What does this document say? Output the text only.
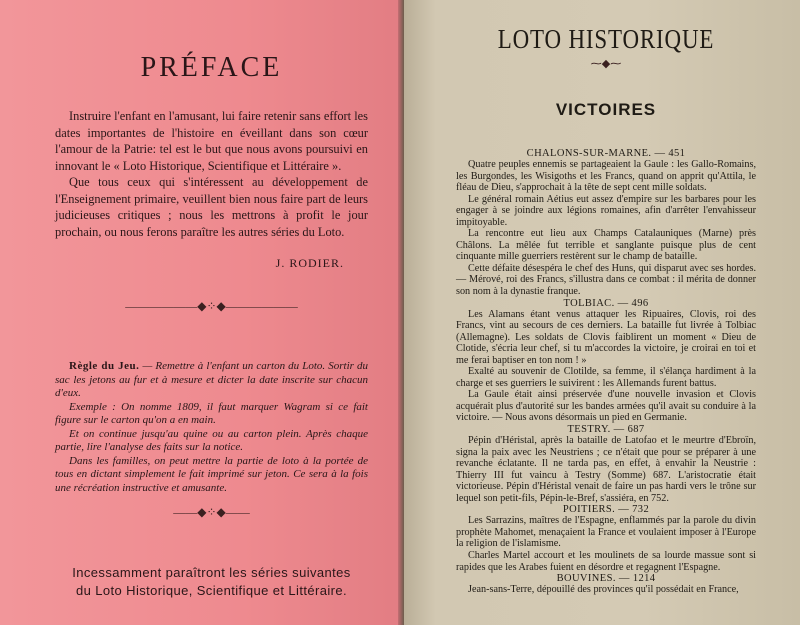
PRÉFACE

Instruire l'enfant en l'amusant, lui faire retenir sans effort les dates importantes de l'histoire en éveillant dans son cœur l'amour de la Patrie: tel est le but que nous avons poursuivi en innovant le « Loto Historique, Scientifique et Littéraire ».

Que tous ceux qui s'intéressent au développement de l'Enseignement primaire, veuillent bien nous faire part de leurs judicieuses critiques ; nous les mettrons à profit le jour prochain, ou nous ferons paraître les autres séries du Loto.

J. RODIER.
——————◆⁘◆——————

Règle du Jeu. — Remettre à l'enfant un carton du Loto. Sortir du sac les jetons au fur et à mesure et dicter la date inscrite sur chacun d'eux.

Exemple : On nomme 1809, il faut marquer Wagram si ce fait figure sur le carton qu'on a en main.

Et on continue jusqu'au quine ou au carton plein. Après chaque partie, lire l'analyse des faits sur la notice.

Dans les familles, on peut mettre la partie de loto à la portée de tous en dictant simplement le fait imprimé sur jeton. Ce sera à la fois une récréation instructive et amusante.

——◆⁘◆——
Incessamment paraîtront les séries suivantes
du Loto Historique, Scientifique et Littéraire.
LOTO HISTORIQUE
⁓◆⁓
VICTOIRES
CHALONS-SUR-MARNE. — 451

Quatre peuples ennemis se partageaient la Gaule : les Gallo-Romains, les Burgondes, les Wisigoths et les Francs, quand on apprit qu'Attila, le fléau de Dieu, s'approchait à la tête de sept cent mille soldats.

Le général romain Aétius eut assez d'empire sur les barbares pour les engager à se joindre aux légions romaines, afin d'arrêter l'envahisseur impitoyable.

La rencontre eut lieu aux Champs Catalauniques (Marne) près Châlons. La mêlée fut terrible et sanglante puisque plus de cent cinquante mille guerriers restèrent sur le champ de bataille.

Cette défaite désespéra le chef des Huns, qui disparut avec ses hordes. — Mérové, roi des Francs, s'illustra dans ce combat : il mérita de donner son nom à la dynastie franque.

TOLBIAC. — 496

Les Alamans étant venus attaquer les Ripuaires, Clovis, roi des Francs, vint au secours de ces derniers. La bataille fut livrée à Tolbiac (Allemagne). Les soldats de Clovis faiblirent un moment « Dieu de Clotide, s'écria leur chef, si tu m'accordes la victoire, je croirai en toi et me ferai baptiser en ton nom ! »

Exalté au souvenir de Clotilde, sa femme, il s'élança hardiment à la charge et ses guerriers le suivirent : les Allemands furent battus.

La Gaule était ainsi préservée d'une nouvelle invasion et Clovis acquérait plus d'autorité sur les bandes armées qu'il avait su conduire à la victoire. — Nous avons désormais un pied en Germanie.

TESTRY. — 687

Pépin d'Héristal, après la bataille de Latofao et le meurtre d'Ebroïn, signa la paix avec les Neustriens ; ce n'était que pour se préparer à une revanche éclatante. Il ne tarda pas, en effet, à envahir la Neustrie : Thierry III fut vaincu à Testry (Somme) 687. L'aristocratie était victorieuse. Pépin d'Héristal venait de faire un pas hardi vers le trône sur lequel son petit-fils, Pépin-le-Bref, s'assiéra, en 752.

POITIERS. — 732

Les Sarrazins, maîtres de l'Espagne, enflammés par la parole du divin prophète Mahomet, menaçaient la France et voulaient imposer à l'Europe la religion de l'islamisme.

Charles Martel accourt et les moulinets de sa lourde massue sont si rapides que les Arabes fuient en désordre et regagnent l'Espagne.

BOUVINES. — 1214

Jean-sans-Terre, dépouillé des provinces qu'il possédait en France,
